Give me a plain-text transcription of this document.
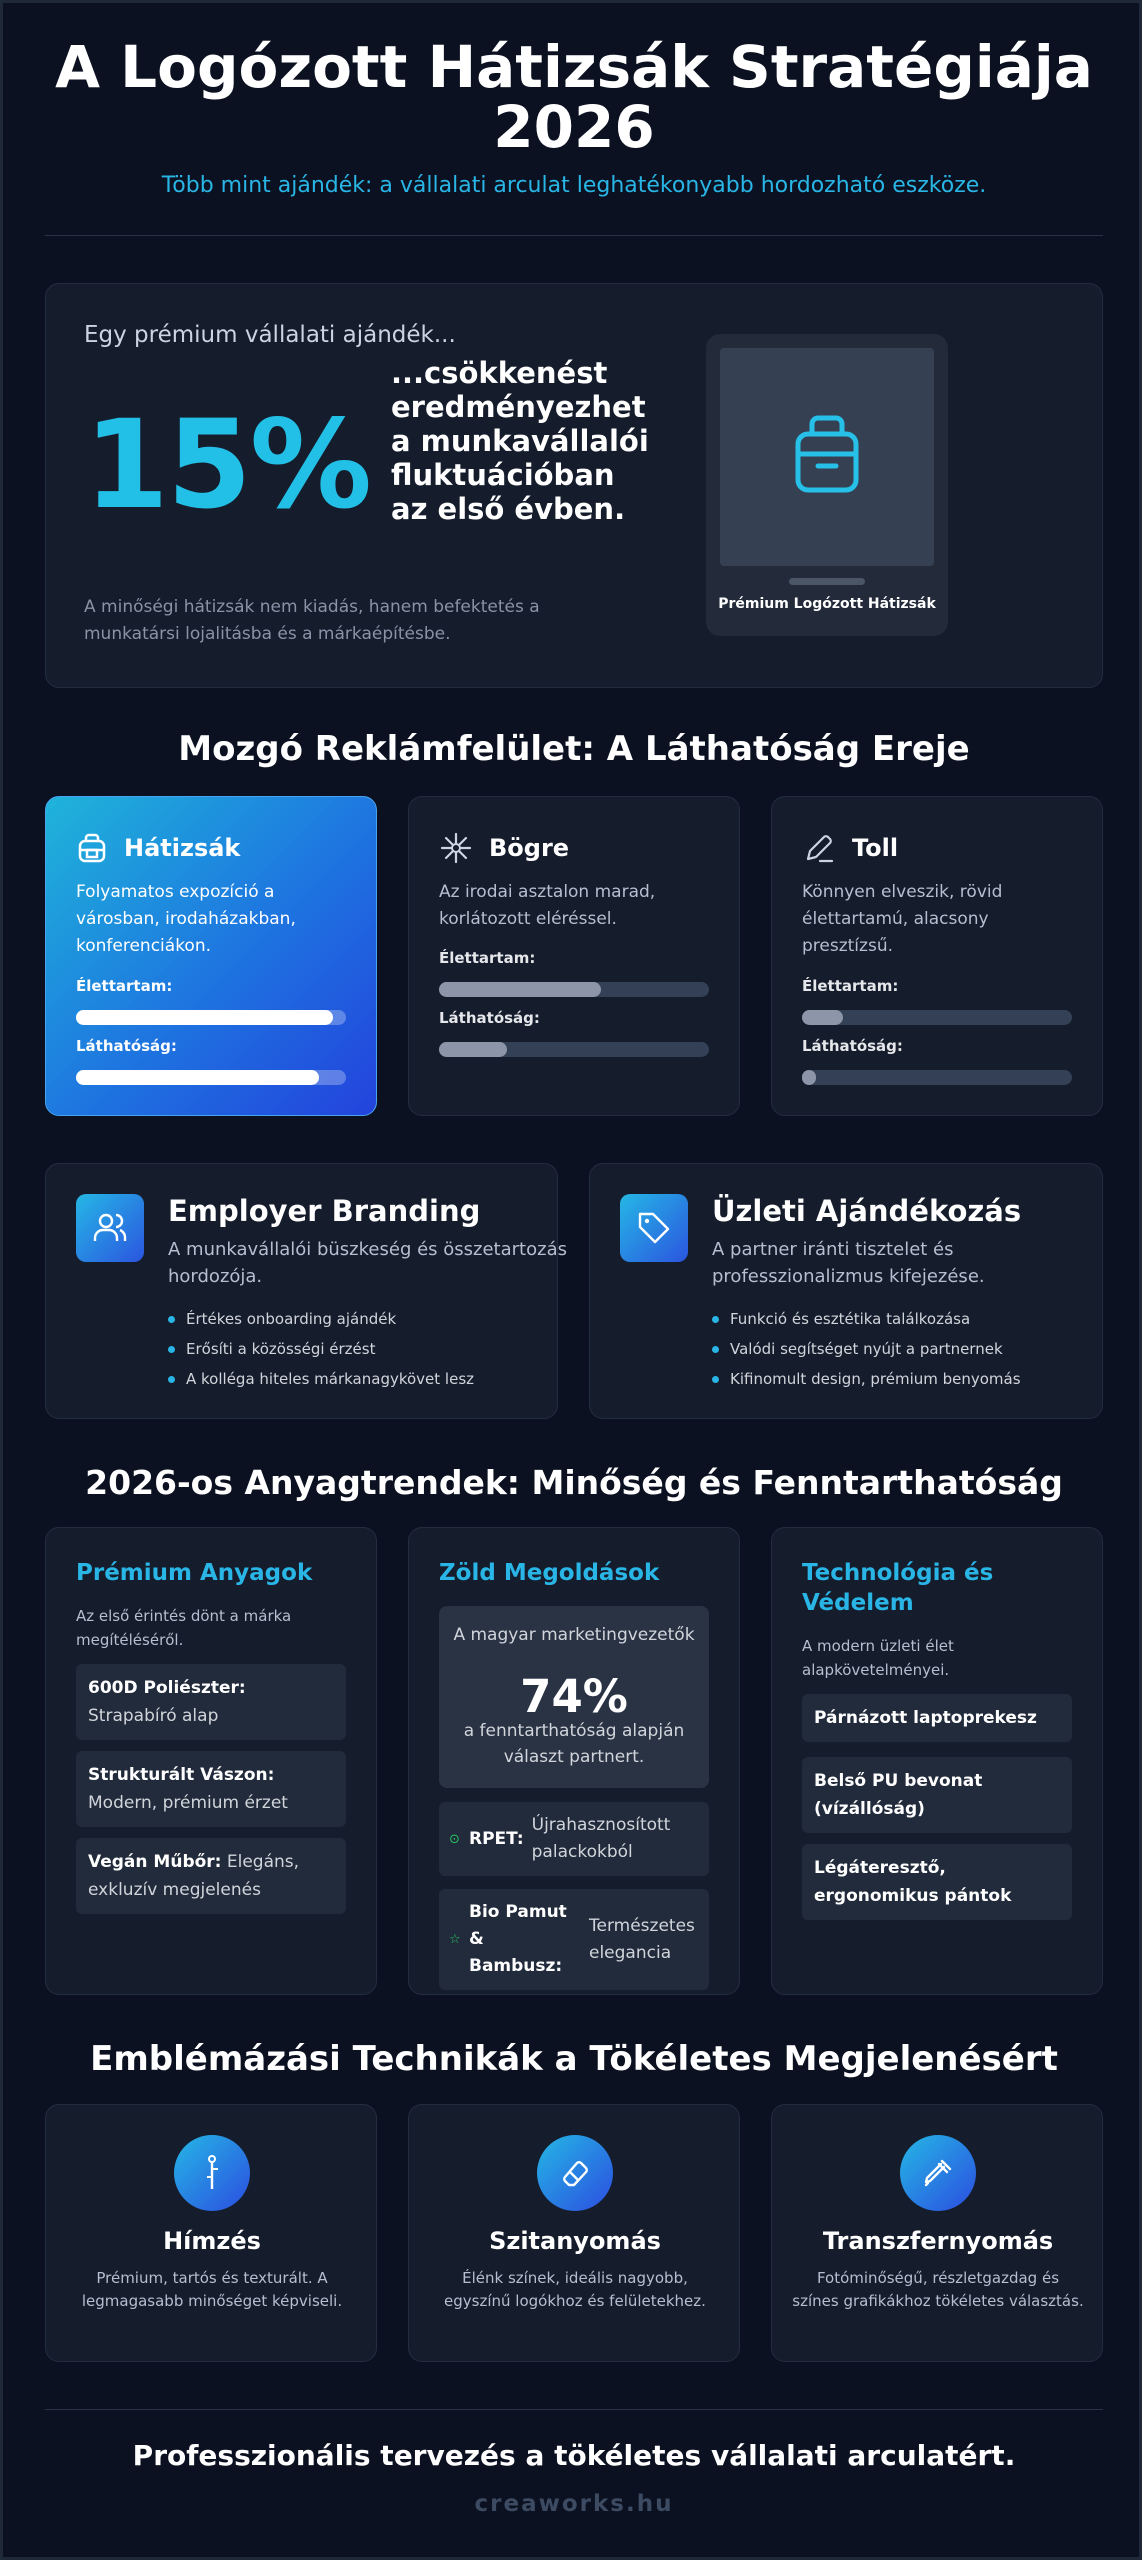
A Logózott Hátizsák Stratégiája 2026

Több mint ajándék: a vállalati arculat leghatékonyabb hordozható eszköze.

Egy prémium vállalati ajándék...
15%
...csökkenést eredményezhet a munkavállalói fluktuációban az első évben.
A minőségi hátizsák nem kiadás, hanem befektetés a munkatársi lojalitásba és a márkaépítésbe.
Prémium Logózott Hátizsák
Mozgó Reklámfelület: A Láthatóság Ereje
Hátizsák
Folyamatos expozíció a városban, irodaházakban, konferenciákon.
Élettartam:
Láthatóság:
Bögre
Az irodai asztalon marad, korlátozott eléréssel.
Élettartam:
Láthatóság:
Toll
Könnyen elveszik, rövid élettartamú, alacsony presztízsű.
Élettartam:
Láthatóság:
Employer Branding
A munkavállalói büszkeség és összetartozás hordozója.
Értékes onboarding ajándék
Erősíti a közösségi érzést
A kolléga hiteles márkanagykövet lesz
Üzleti Ajándékozás
A partner iránti tisztelet és professzionalizmus kifejezése.
Funkció és esztétika találkozása
Valódi segítséget nyújt a partnernek
Kifinomult design, prémium benyomás
2026-os Anyagtrendek: Minőség és Fenntarthatóság
Prémium Anyagok
Az első érintés dönt a márka megítéléséről.
600D Poliészter: Strapabíró alap
Strukturált Vászon: Modern, prémium érzet
Vegán Műbőr: Elegáns, exkluzív megjelenés
Zöld Megoldások
A magyar marketingvezetők
74%
a fenntarthatóság alapján választ partnert.
⊙ RPET:
Újrahasznosított palackokból
☆
Bio Pamut & Bambusz:
Természetes elegancia
Technológia és Védelem
A modern üzleti élet alapkövetelményei.
Párnázott laptoprekesz
Belső PU bevonat (vízállóság)
Légáteresztő, ergonomikus pántok
Emblémázási Technikák a Tökéletes Megjelenésért
Hímzés
Prémium, tartós és texturált. A legmagasabb minőséget képviseli.
Szitanyomás
Élénk színek, ideális nagyobb, egyszínű logókhoz és felületekhez.
Transzfernyomás
Fotóminőségű, részletgazdag és színes grafikákhoz tökéletes választás.
Professzionális tervezés a tökéletes vállalati arculatért.
creaworks.hu
